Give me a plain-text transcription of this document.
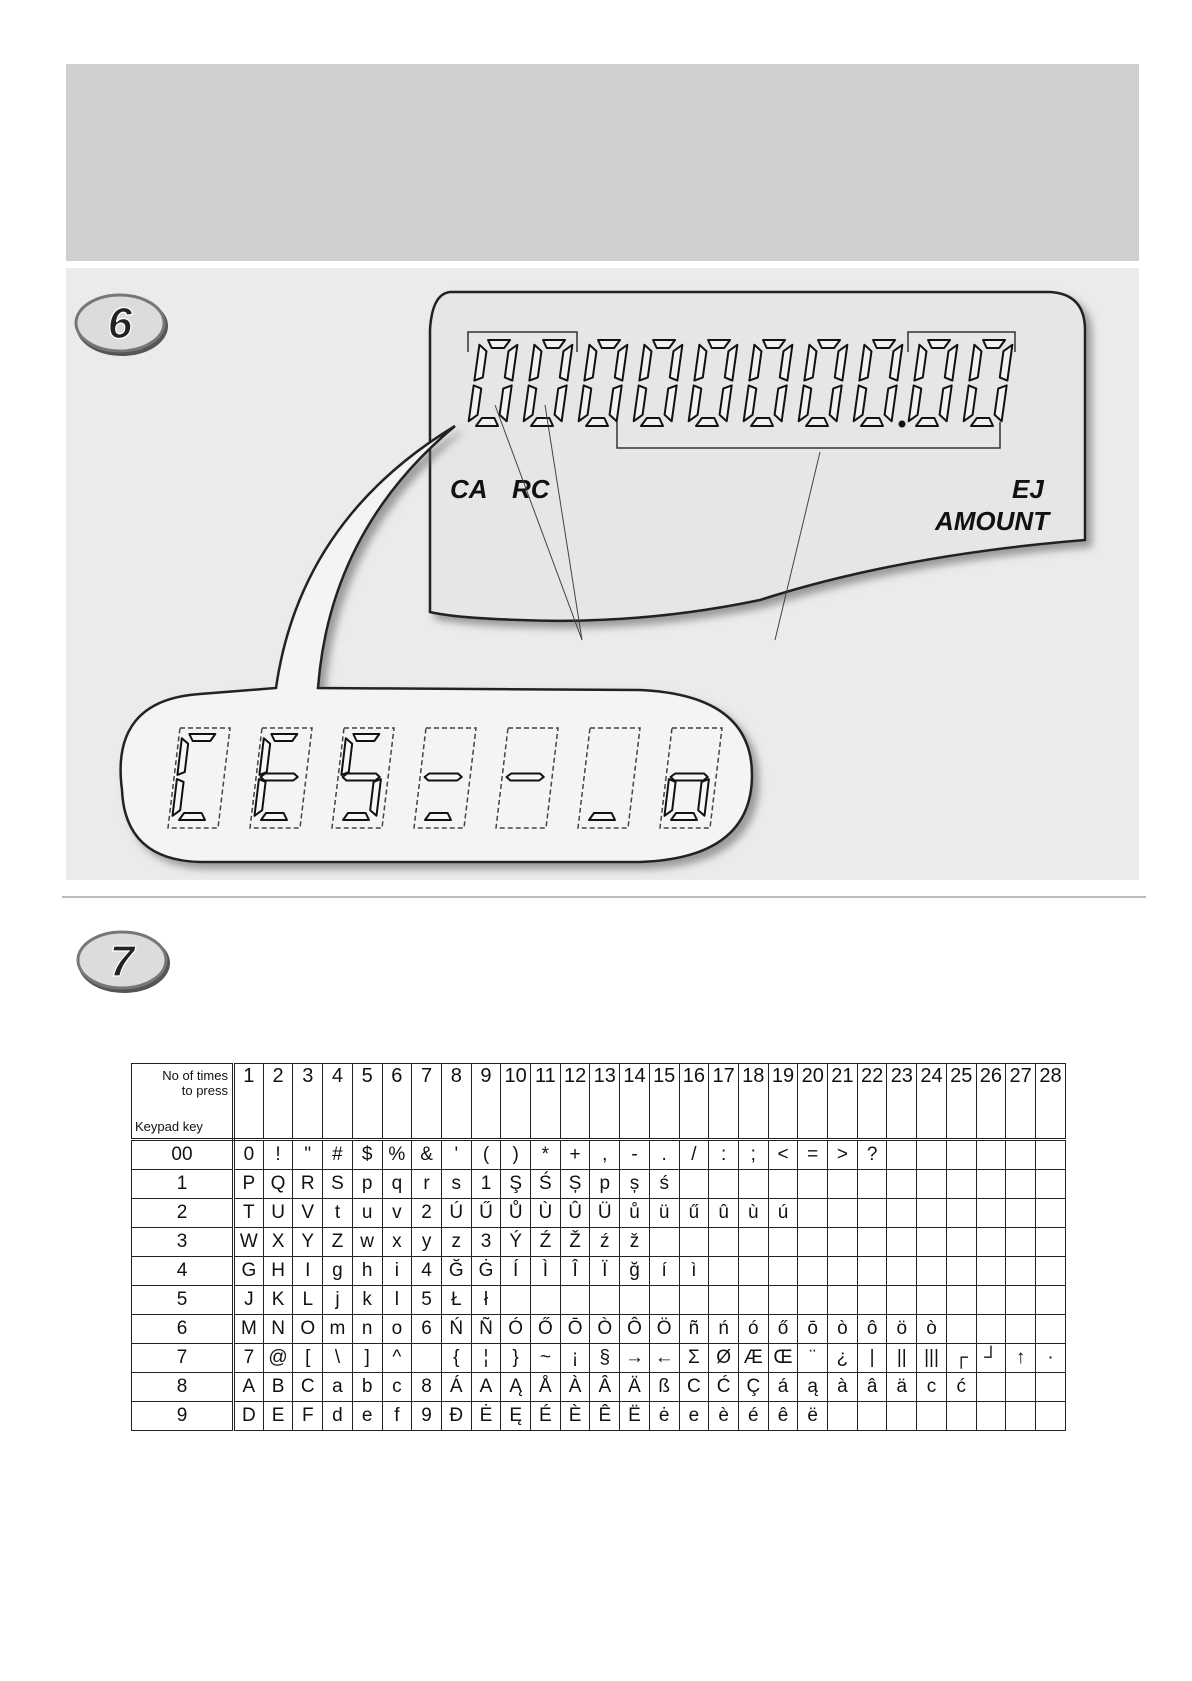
6
CA RC	EJ
AMOUNT
7
No of times
to press
Keypad key	1	2	3	4	5	6	7	8	9	10	11	12	13	14	15	16	17	18	19	20	21	22	23	24	25	26	27	28
00	0	!	"	#	$	%	&	'	(	)	*	+	,	-	.	/	:	;	<	=	>	?						
1	P	Q	R	S	p	q	r	s	1	Ş	Ś	Ș	p	ș	ś													
2	T	U	V	t	u	v	2	Ú	Ű	Ů	Ù	Û	Ü	ů	ü	ű	û	ù	ú									
3	W	X	Y	Z	w	x	y	z	3	Ý	Ź	Ž	ź	ž														
4	G	H	I	g	h	i	4	Ğ	Ġ	Í	Ì	Î	Ï	ğ	í	ì												
5	J	K	L	j	k	l	5	Ł	ł																			
6	M	N	O	m	n	o	6	Ń	Ñ	Ó	Ő	Ō	Ò	Ô	Ö	ñ	ń	ó	ő	ō	ò	ô	ö	ò				
7	7	@	[	\	]	^		{	¦	}	~	¡	§	→	←	Σ	Ø	Æ	Œ	¨	¿	|	||	|||	┌	┘	↑	·
8	A	B	C	a	b	c	8	Á	A	Ą	Å	À	Â	Ä	ß	C	Ć	Ç	á	ą	à	â	ä	c	ć			
9	D	E	F	d	e	f	9	Đ	Ė	Ę	É	È	Ê	Ë	ė	e	è	é	ê	ë								
